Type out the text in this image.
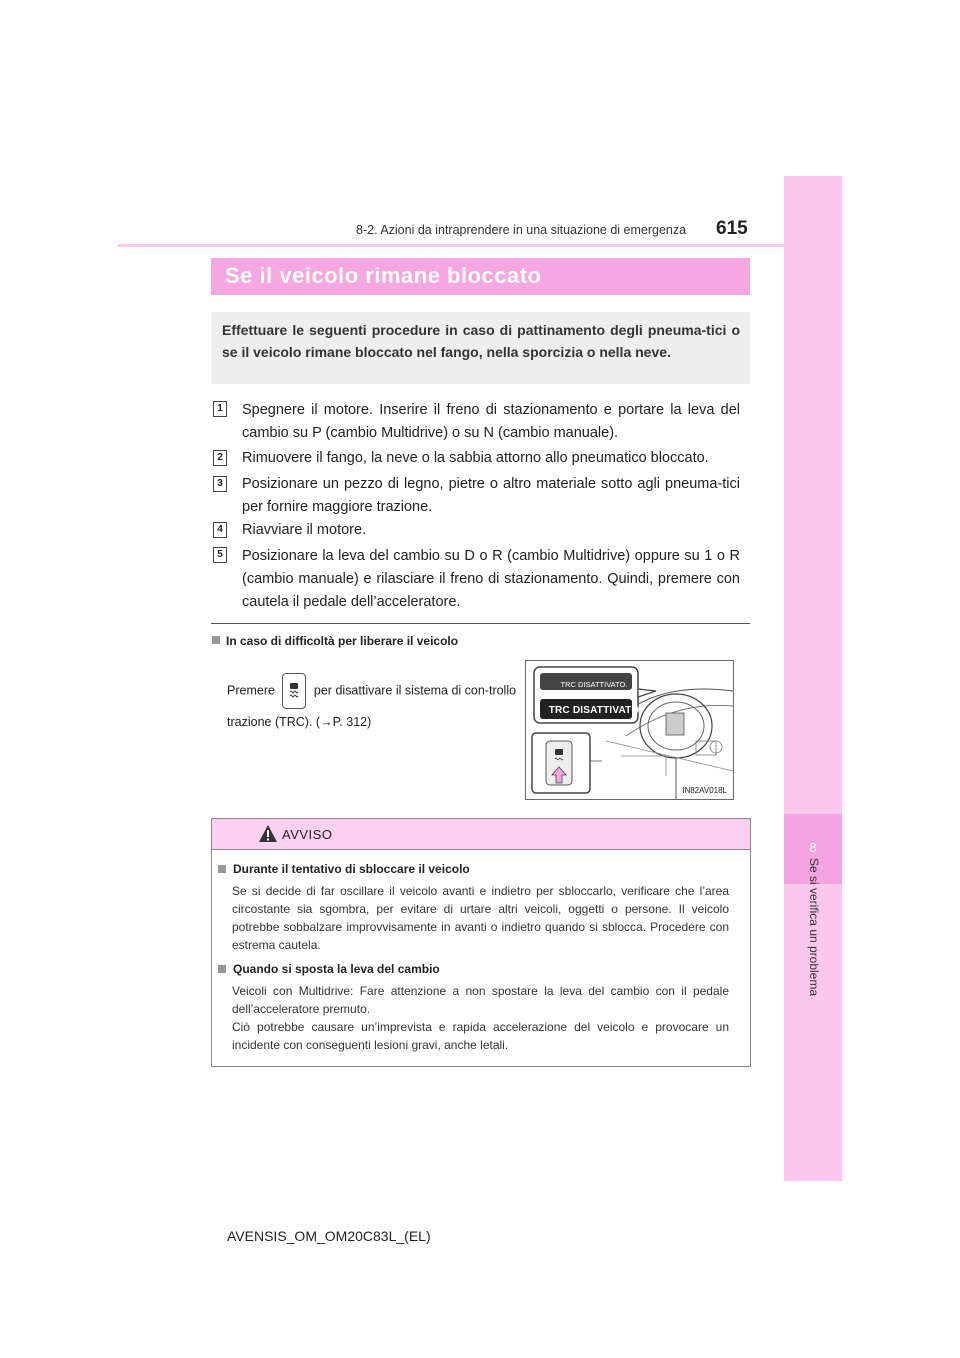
8
Se si verifica un problema
8-2. Azioni da intraprendere in una situazione di emergenza 615
Se il veicolo rimane bloccato
Effettuare le seguenti procedure in caso di pattinamento degli pneuma-tici o se il veicolo rimane bloccato nel fango, nella sporcizia o nella neve.
1 Spegnere il motore. Inserire il freno di stazionamento e portare la leva del cambio su P (cambio Multidrive) o su N (cambio manuale).
2 Rimuovere il fango, la neve o la sabbia attorno allo pneumatico bloccato.
3 Posizionare un pezzo di legno, pietre o altro materiale sotto agli pneuma-tici per fornire maggiore trazione.
4 Riavviare il motore.
5 Posizionare la leva del cambio su D o R (cambio Multidrive) oppure su 1 o R (cambio manuale) e rilasciare il freno di stazionamento. Quindi, premere con cautela il pedale dell’acceleratore.
In caso di difficoltà per liberare il veicolo
Premere	per disattivare il sistema di con-trollo trazione (TRC). (→P. 312)
TRC DISATTIVATO.
TRC DISATTIVATO
IN82AV018L
AVVISO
Durante il tentativo di sbloccare il veicolo
Se si decide di far oscillare il veicolo avanti e indietro per sbloccarlo, verificare che l’area circostante sia sgombra, per evitare di urtare altri veicoli, oggetti o persone. Il veicolo potrebbe sobbalzare improvvisamente in avanti o indietro quando si sblocca. Procedere con estrema cautela.
Quando si sposta la leva del cambio
Veicoli con Multidrive: Fare attenzione a non spostare la leva del cambio con il pedale dell’acceleratore premuto.
Ciò potrebbe causare un’imprevista e rapida accelerazione del veicolo e provocare un incidente con conseguenti lesioni gravi, anche letali.
AVENSIS_OM_OM20C83L_(EL)
